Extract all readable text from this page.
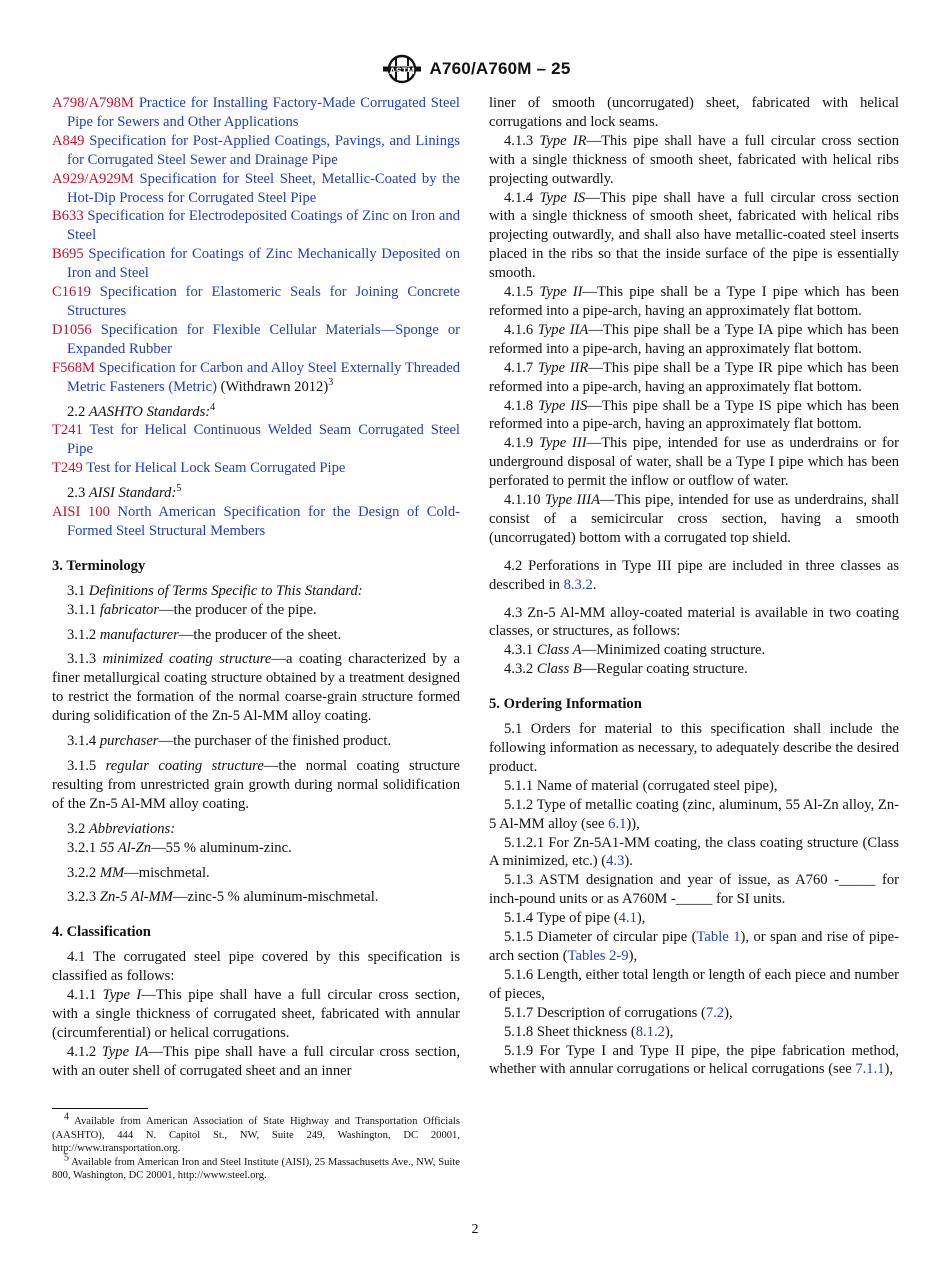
ASTM A760/A760M – 25

A798/A798M Practice for Installing Factory-Made Corrugated Steel Pipe for Sewers and Other Applications

A849 Specification for Post-Applied Coatings, Pavings, and Linings for Corrugated Steel Sewer and Drainage Pipe

A929/A929M Specification for Steel Sheet, Metallic-Coated by the Hot-Dip Process for Corrugated Steel Pipe

B633 Specification for Electrodeposited Coatings of Zinc on Iron and Steel

B695 Specification for Coatings of Zinc Mechanically Deposited on Iron and Steel

C1619 Specification for Elastomeric Seals for Joining Concrete Structures

D1056 Specification for Flexible Cellular Materials—Sponge or Expanded Rubber

F568M Specification for Carbon and Alloy Steel Externally Threaded Metric Fasteners (Metric) (Withdrawn 2012)$^3$

2.2 AASHTO Standards:$^4$

T241 Test for Helical Continuous Welded Seam Corrugated Steel Pipe

T249 Test for Helical Lock Seam Corrugated Pipe

2.3 AISI Standard:$^5$

AISI 100 North American Specification for the Design of Cold-Formed Steel Structural Members

3. Terminology

3.1 Definitions of Terms Specific to This Standard:

3.1.1 fabricator—the producer of the pipe.

3.1.2 manufacturer—the producer of the sheet.

3.1.3 minimized coating structure—a coating characterized by a finer metallurgical coating structure obtained by a treatment designed to restrict the formation of the normal coarse-grain structure formed during solidification of the Zn-5 Al-MM alloy coating.

3.1.4 purchaser—the purchaser of the finished product.

3.1.5 regular coating structure—the normal coating structure resulting from unrestricted grain growth during normal solidification of the Zn-5 Al-MM alloy coating.

3.2 Abbreviations:

3.2.1 55 Al-Zn—55 % aluminum-zinc.

3.2.2 MM—mischmetal.

3.2.3 Zn-5 Al-MM—zinc-5 % aluminum-mischmetal.

4. Classification

4.1 The corrugated steel pipe covered by this specification is classified as follows:

4.1.1 Type I—This pipe shall have a full circular cross section, with a single thickness of corrugated sheet, fabricated with annular (circumferential) or helical corrugations.

4.1.2 Type IA—This pipe shall have a full circular cross section, with an outer shell of corrugated sheet and an inner

4 Available from American Association of State Highway and Transportation Officials (AASHTO), 444 N. Capitol St., NW, Suite 249, Washington, DC 20001, http://www.transportation.org.

5 Available from American Iron and Steel Institute (AISI), 25 Massachusetts Ave., NW, Suite 800, Washington, DC 20001, http://www.steel.org.

liner of smooth (uncorrugated) sheet, fabricated with helical corrugations and lock seams.

4.1.3 Type IR—This pipe shall have a full circular cross section with a single thickness of smooth sheet, fabricated with helical ribs projecting outwardly.

4.1.4 Type IS—This pipe shall have a full circular cross section with a single thickness of smooth sheet, fabricated with helical ribs projecting outwardly, and shall also have metallic-coated steel inserts placed in the ribs so that the inside surface of the pipe is essentially smooth.

4.1.5 Type II—This pipe shall be a Type I pipe which has been reformed into a pipe-arch, having an approximately flat bottom.

4.1.6 Type IIA—This pipe shall be a Type IA pipe which has been reformed into a pipe-arch, having an approximately flat bottom.

4.1.7 Type IIR—This pipe shall be a Type IR pipe which has been reformed into a pipe-arch, having an approximately flat bottom.

4.1.8 Type IIS—This pipe shall be a Type IS pipe which has been reformed into a pipe-arch, having an approximately flat bottom.

4.1.9 Type III—This pipe, intended for use as underdrains or for underground disposal of water, shall be a Type I pipe which has been perforated to permit the inflow or outflow of water.

4.1.10 Type IIIA—This pipe, intended for use as underdrains, shall consist of a semicircular cross section, having a smooth (uncorrugated) bottom with a corrugated top shield.

4.2 Perforations in Type III pipe are included in three classes as described in 8.3.2.

4.3 Zn-5 Al-MM alloy-coated material is available in two coating classes, or structures, as follows:

4.3.1 Class A—Minimized coating structure.

4.3.2 Class B—Regular coating structure.

5. Ordering Information

5.1 Orders for material to this specification shall include the following information as necessary, to adequately describe the desired product.

5.1.1 Name of material (corrugated steel pipe),

5.1.2 Type of metallic coating (zinc, aluminum, 55 Al-Zn alloy, Zn-5 Al-MM alloy (see 6.1)),

5.1.2.1 For Zn-5A1-MM coating, the class coating structure (Class A minimized, etc.) (4.3).

5.1.3 ASTM designation and year of issue, as A760 -_____ for inch-pound units or as A760M -_____ for SI units.

5.1.4 Type of pipe (4.1),

5.1.5 Diameter of circular pipe (Table 1), or span and rise of pipe-arch section (Tables 2-9),

5.1.6 Length, either total length or length of each piece and number of pieces,

5.1.7 Description of corrugations (7.2),

5.1.8 Sheet thickness (8.1.2),

5.1.9 For Type I and Type II pipe, the pipe fabrication method, whether with annular corrugations or helical corrugations (see 7.1.1),

2
